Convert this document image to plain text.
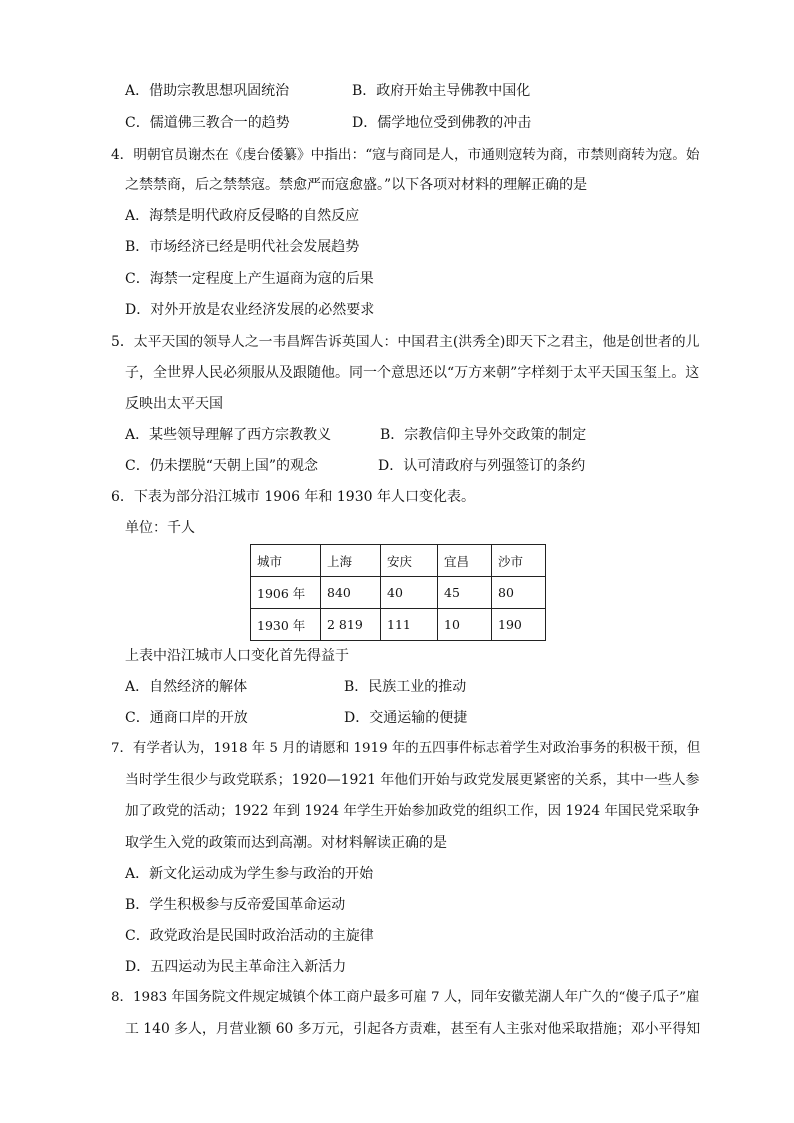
A．借助宗教思想巩固统治	B．政府开始主导佛教中国化
C．儒道佛三教合一的趋势	D．儒学地位受到佛教的冲击
4．明朝官员谢杰在《虔台倭纂》中指出：“寇与商同是人，市通则寇转为商，市禁则商转为寇。始
之禁禁商，后之禁禁寇。禁愈严而寇愈盛。”以下各项对材料的理解正确的是
A．海禁是明代政府反侵略的自然反应
B．市场经济已经是明代社会发展趋势
C．海禁一定程度上产生逼商为寇的后果
D．对外开放是农业经济发展的必然要求
5．太平天国的领导人之一韦昌辉告诉英国人：中国君主(洪秀全)即天下之君主，他是创世者的儿
子，全世界人民必须服从及跟随他。同一个意思还以“万方来朝”字样刻于太平天国玉玺上。这
反映出太平天国
A．某些领导理解了西方宗教教义	B．宗教信仰主导外交政策的制定
C．仍未摆脱“天朝上国”的观念	D．认可清政府与列强签订的条约
6．下表为部分沿江城市 1906 年和 1930 年人口变化表。
单位：千人
城市	上海	安庆	宜昌	沙市
1906 年	840	40	45	80
1930 年	2 819	111	10	190
上表中沿江城市人口变化首先得益于
A．自然经济的解体	B．民族工业的推动
C．通商口岸的开放	D．交通运输的便捷
7．有学者认为，1918 年 5 月的请愿和 1919 年的五四事件标志着学生对政治事务的积极干预，但
当时学生很少与政党联系；1920—1921 年他们开始与政党发展更紧密的关系，其中一些人参
加了政党的活动；1922 年到 1924 年学生开始参加政党的组织工作，因 1924 年国民党采取争
取学生入党的政策而达到高潮。对材料解读正确的是
A．新文化运动成为学生参与政治的开始
B．学生积极参与反帝爱国革命运动
C．政党政治是民国时政治活动的主旋律
D．五四运动为民主革命注入新活力
8．1983 年国务院文件规定城镇个体工商户最多可雇 7 人，同年安徽芜湖人年广久的“傻子瓜子”雇
工 140 多人，月营业额 60 多万元，引起各方责难，甚至有人主张对他采取措施；邓小平得知
